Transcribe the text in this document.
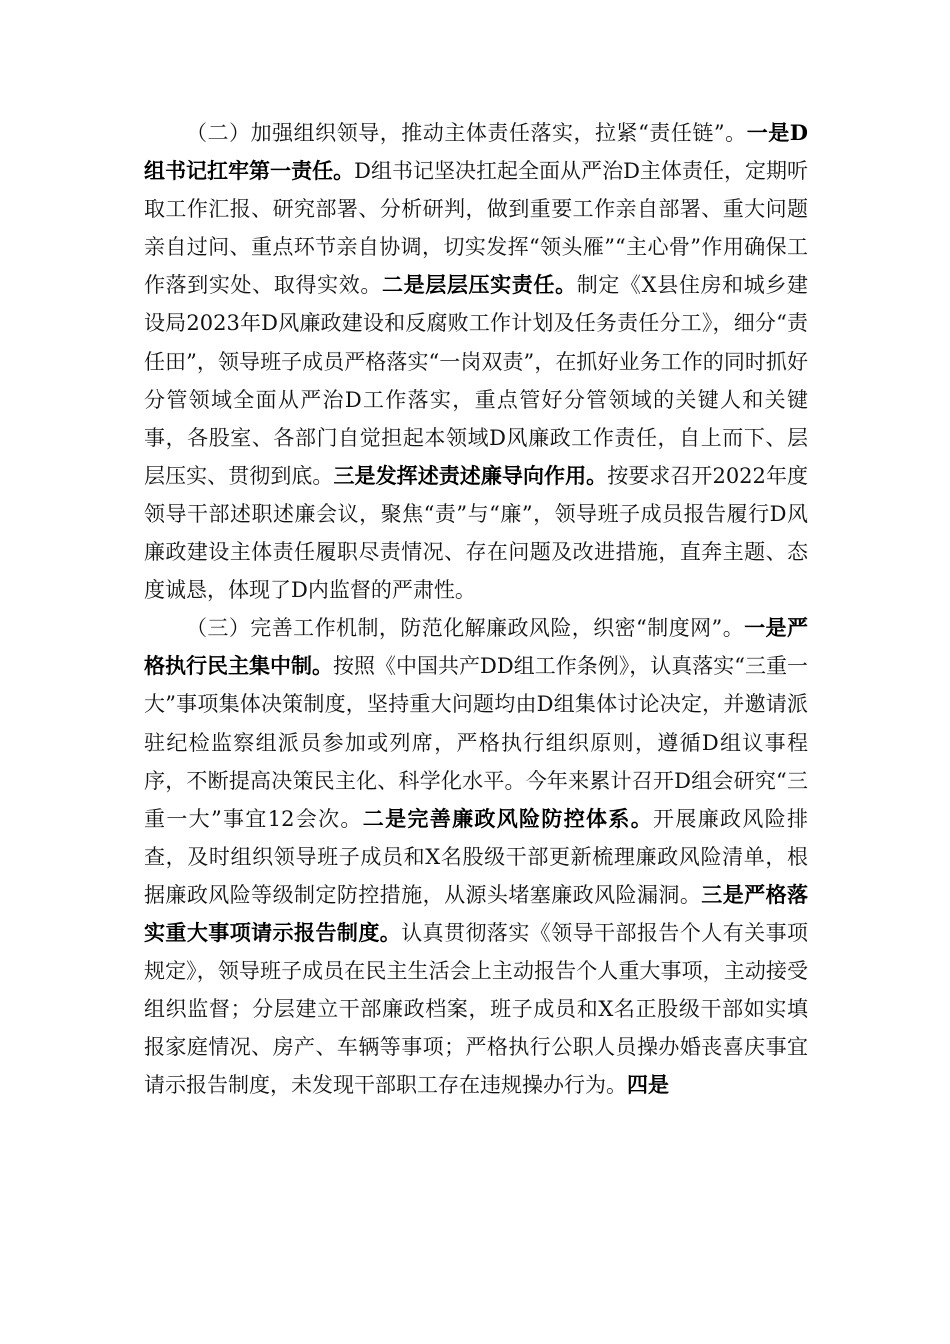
（二）加强组织领导，推动主体责任落实，拉紧“责任链”。一是D组书记扛牢第一责任。D组书记坚决扛起全面从严治D主体责任，定期听取工作汇报、研究部署、分析研判，做到重要工作亲自部署、重大问题亲自过问、重点环节亲自协调，切实发挥“领头雁”“主心骨”作用确保工作落到实处、取得实效。二是层层压实责任。制定《X县住房和城乡建设局2023年D风廉政建设和反腐败工作计划及任务责任分工》，细分“责任田”，领导班子成员严格落实“一岗双责”，在抓好业务工作的同时抓好分管领域全面从严治D工作落实，重点管好分管领域的关键人和关键事，各股室、各部门自觉担起本领域D风廉政工作责任，自上而下、层层压实、贯彻到底。三是发挥述责述廉导向作用。按要求召开2022年度领导干部述职述廉会议，聚焦“责”与“廉”，领导班子成员报告履行D风廉政建设主体责任履职尽责情况、存在问题及改进措施，直奔主题、态度诚恳，体现了D内监督的严肃性。

（三）完善工作机制，防范化解廉政风险，织密“制度网”。一是严格执行民主集中制。按照《中国共产DD组工作条例》，认真落实“三重一大”事项集体决策制度，坚持重大问题均由D组集体讨论决定，并邀请派驻纪检监察组派员参加或列席，严格执行组织原则，遵循D组议事程序，不断提高决策民主化、科学化水平。今年来累计召开D组会研究“三重一大”事宜12会次。二是完善廉政风险防控体系。开展廉政风险排查，及时组织领导班子成员和X名股级干部更新梳理廉政风险清单，根据廉政风险等级制定防控措施，从源头堵塞廉政风险漏洞。三是严格落实重大事项请示报告制度。认真贯彻落实《领导干部报告个人有关事项规定》，领导班子成员在民主生活会上主动报告个人重大事项，主动接受组织监督；分层建立干部廉政档案，班子成员和X名正股级干部如实填报家庭情况、房产、车辆等事项；严格执行公职人员操办婚丧喜庆事宜请示报告制度，未发现干部职工存在违规操办行为。四是
